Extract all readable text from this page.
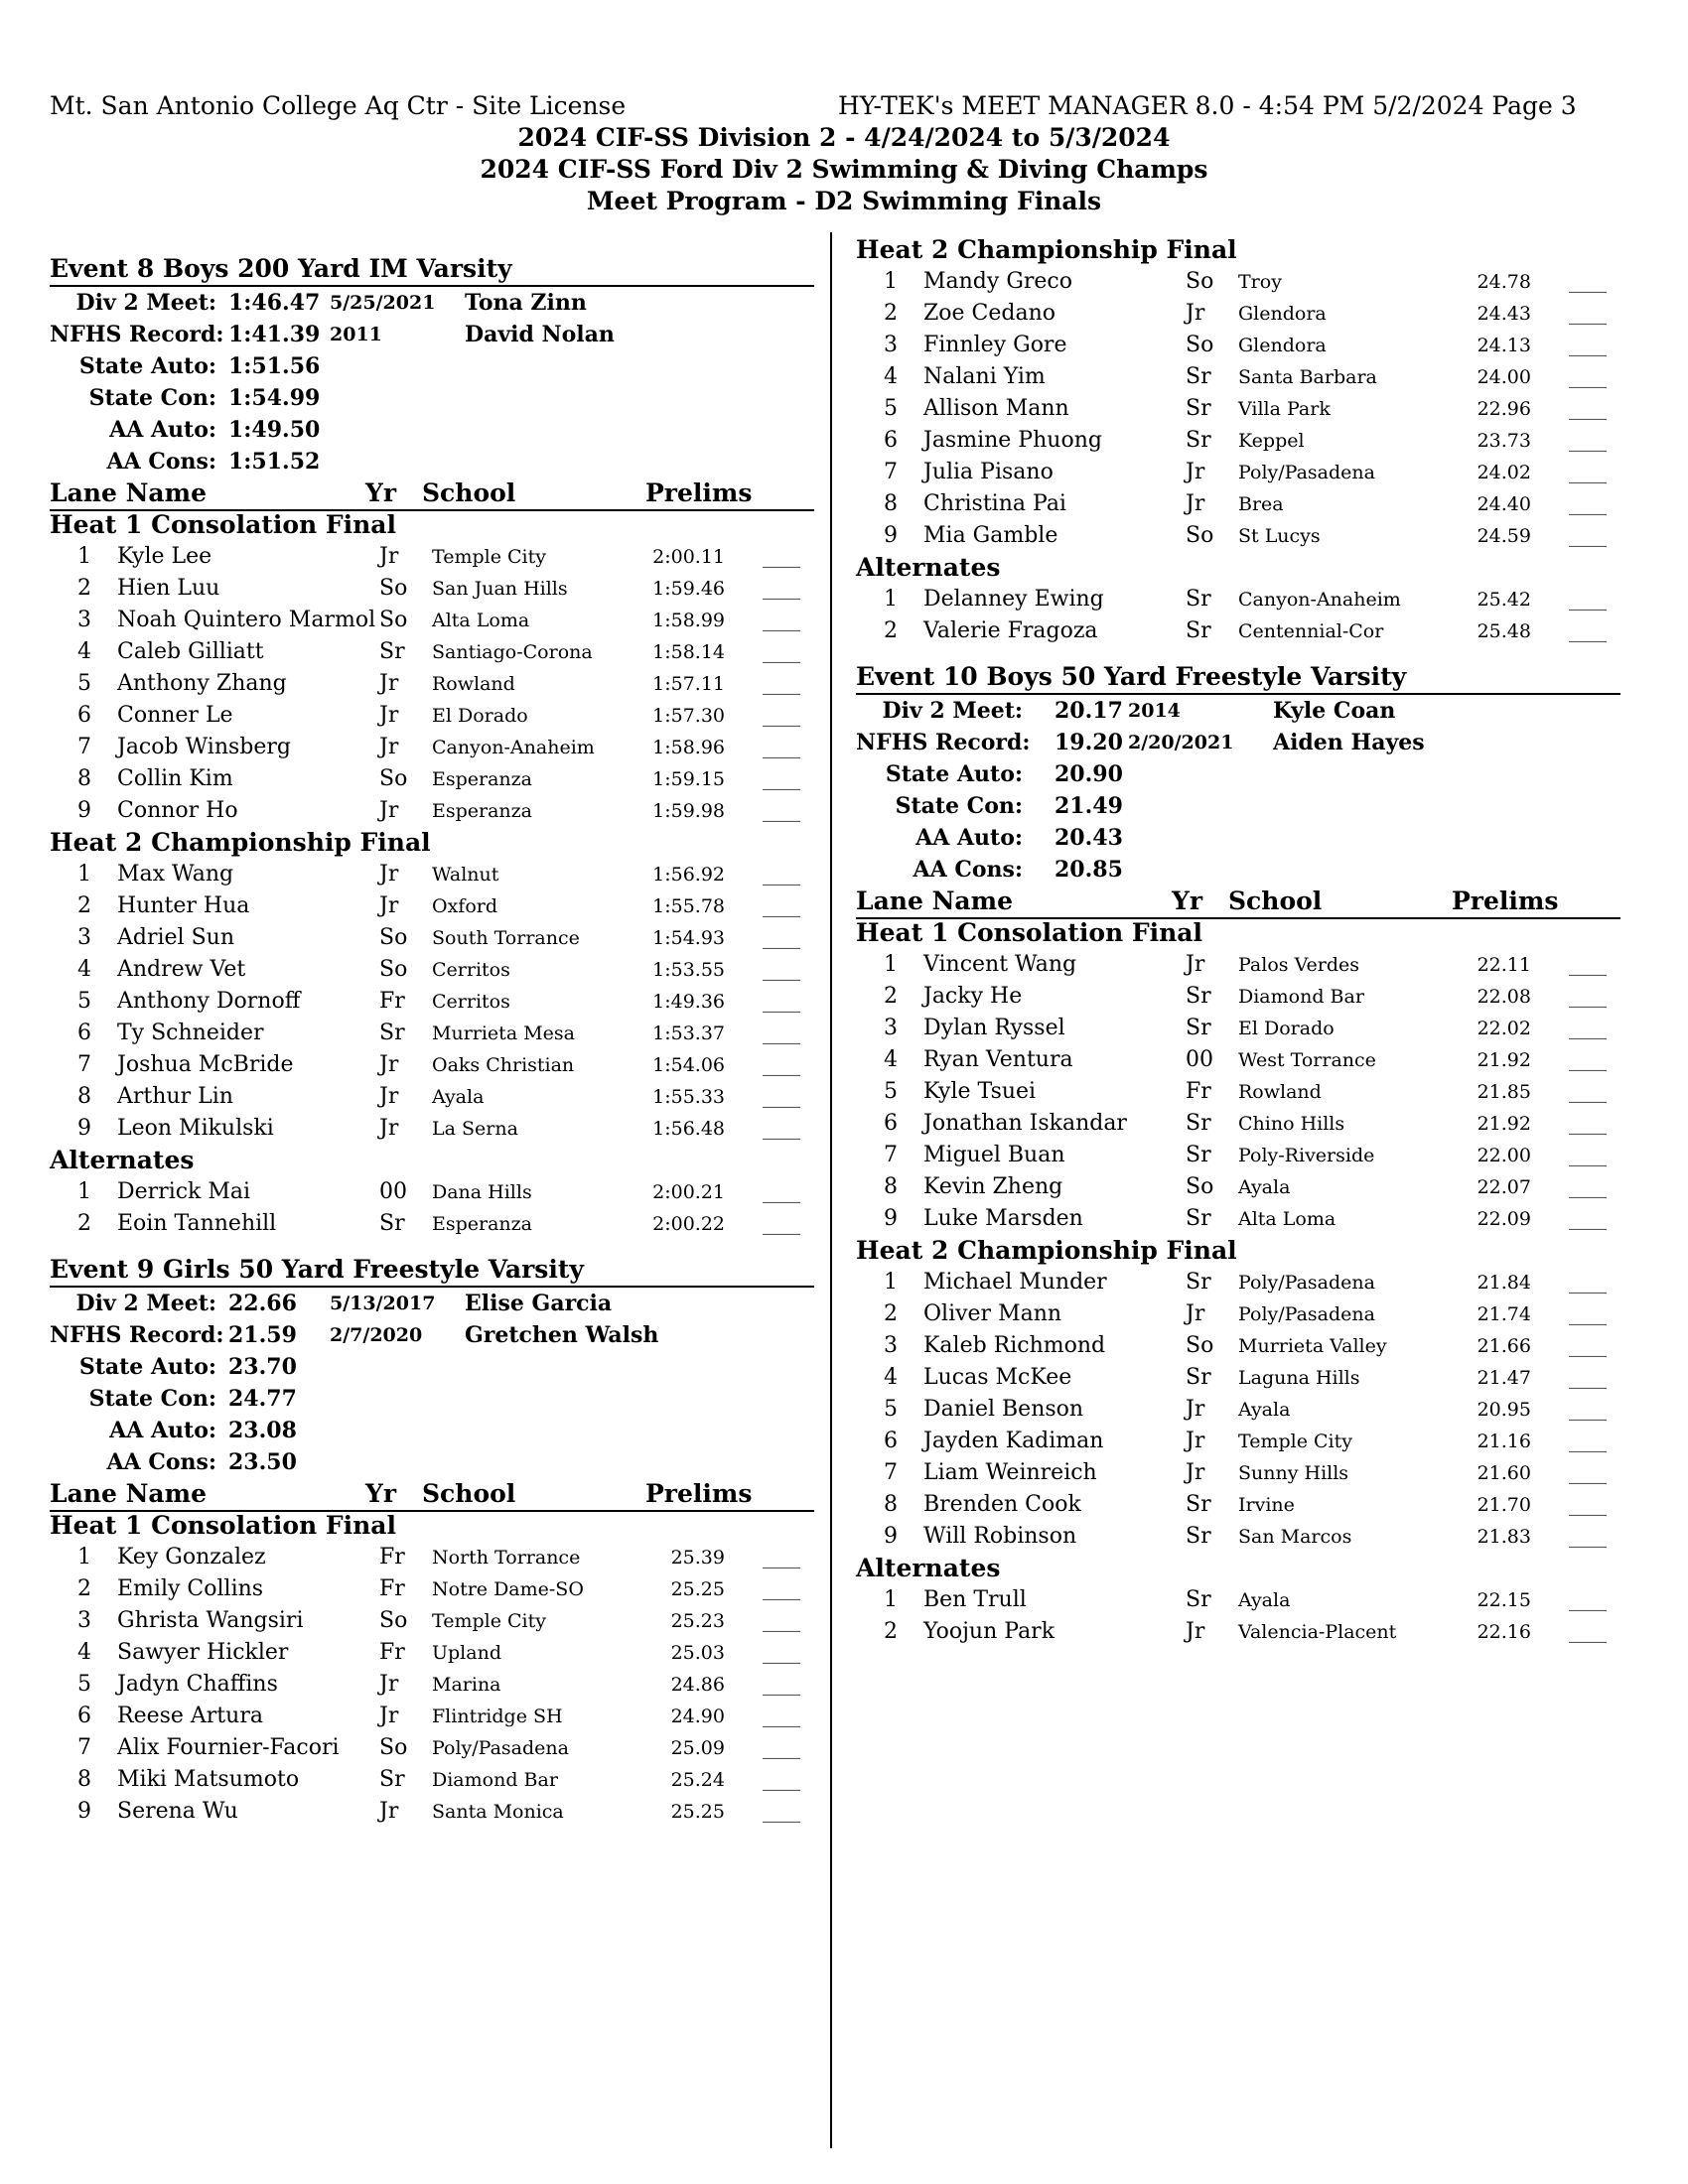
Mt. San Antonio College Aq Ctr - Site License	HY-TEK's MEET MANAGER 8.0 - 4:54 PM 5/2/2024 Page 3
2024 CIF-SS Division 2 - 4/24/2024 to 5/3/2024
2024 CIF-SS Ford Div 2 Swimming & Diving Champs
Meet Program - D2 Swimming Finals
Event 8 Boys 200 Yard IM Varsity
Div 2 Meet: 1:46.47 5/25/2021 Tona Zinn
NFHS Record: 1:41.39 2011	David Nolan
State Auto: 1:51.56
State Con: 1:54.99
AA Auto: 1:49.50
AA Cons: 1:51.52
Lane Name	Yr School	Prelims
Heat 1 Consolation Final
1 Kyle Lee	Jr Temple City	2:00.11 ____
2 Hien Luu	So San Juan Hills	1:59.46 ____
3 Noah Quintero Marmol So Alta Loma	1:58.99 ____
4 Caleb Gilliatt	Sr Santiago-Corona	1:58.14 ____
5 Anthony Zhang	Jr Rowland	1:57.11 ____
6 Conner Le	Jr El Dorado	1:57.30 ____
7 Jacob Winsberg	Jr Canyon-Anaheim	1:58.96 ____
8 Collin Kim	So Esperanza	1:59.15 ____
9 Connor Ho	Jr Esperanza	1:59.98 ____
Heat 2 Championship Final
1 Max Wang	Jr Walnut	1:56.92 ____
2 Hunter Hua	Jr Oxford	1:55.78 ____
3 Adriel Sun	So South Torrance	1:54.93 ____
4 Andrew Vet	So Cerritos	1:53.55 ____
5 Anthony Dornoff	Fr Cerritos	1:49.36 ____
6 Ty Schneider	Sr Murrieta Mesa	1:53.37 ____
7 Joshua McBride	Jr Oaks Christian	1:54.06 ____
8 Arthur Lin	Jr Ayala	1:55.33 ____
9 Leon Mikulski	Jr La Serna	1:56.48 ____
Alternates
1 Derrick Mai	00 Dana Hills	2:00.21 ____
2 Eoin Tannehill	Sr Esperanza	2:00.22 ____
Event 9 Girls 50 Yard Freestyle Varsity
Div 2 Meet: 22.66 5/13/2017 Elise Garcia
NFHS Record: 21.59 2/7/2020 Gretchen Walsh
State Auto: 23.70
State Con: 24.77
AA Auto: 23.08
AA Cons: 23.50
Lane Name	Yr School	Prelims
Heat 1 Consolation Final
1 Key Gonzalez	Fr North Torrance	25.39 ____
2 Emily Collins	Fr Notre Dame-SO	25.25 ____
3 Ghrista Wangsiri	So Temple City	25.23 ____
4 Sawyer Hickler	Fr Upland	25.03 ____
5 Jadyn Chaffins	Jr Marina	24.86 ____
6 Reese Artura	Jr Flintridge SH	24.90 ____
7 Alix Fournier-Facori So Poly/Pasadena	25.09 ____
8 Miki Matsumoto	Sr Diamond Bar	25.24 ____
9 Serena Wu	Jr Santa Monica	25.25 ____
Heat 2 Championship Final
1 Mandy Greco	So Troy	24.78 ____
2 Zoe Cedano	Jr Glendora	24.43 ____
3 Finnley Gore	So Glendora	24.13 ____
4 Nalani Yim	Sr Santa Barbara	24.00 ____
5 Allison Mann	Sr Villa Park	22.96 ____
6 Jasmine Phuong	Sr Keppel	23.73 ____
7 Julia Pisano	Jr Poly/Pasadena	24.02 ____
8 Christina Pai	Jr Brea	24.40 ____
9 Mia Gamble	So St Lucys	24.59 ____
Alternates
1 Delanney Ewing	Sr Canyon-Anaheim	25.42 ____
2 Valerie Fragoza	Sr Centennial-Cor	25.48 ____
Event 10 Boys 50 Yard Freestyle Varsity
Div 2 Meet: 20.17 2014	Kyle Coan
NFHS Record: 19.20 2/20/2021 Aiden Hayes
State Auto: 20.90
State Con: 21.49
AA Auto: 20.43
AA Cons: 20.85
Lane Name	Yr School	Prelims
Heat 1 Consolation Final
1 Vincent Wang	Jr Palos Verdes	22.11 ____
2 Jacky He	Sr Diamond Bar	22.08 ____
3 Dylan Ryssel	Sr El Dorado	22.02 ____
4 Ryan Ventura	00 West Torrance	21.92 ____
5 Kyle Tsuei	Fr Rowland	21.85 ____
6 Jonathan Iskandar	Sr Chino Hills	21.92 ____
7 Miguel Buan	Sr Poly-Riverside	22.00 ____
8 Kevin Zheng	So Ayala	22.07 ____
9 Luke Marsden	Sr Alta Loma	22.09 ____
Heat 2 Championship Final
1 Michael Munder	Sr Poly/Pasadena	21.84 ____
2 Oliver Mann	Jr Poly/Pasadena	21.74 ____
3 Kaleb Richmond	So Murrieta Valley	21.66 ____
4 Lucas McKee	Sr Laguna Hills	21.47 ____
5 Daniel Benson	Jr Ayala	20.95 ____
6 Jayden Kadiman	Jr Temple City	21.16 ____
7 Liam Weinreich	Jr Sunny Hills	21.60 ____
8 Brenden Cook	Sr Irvine	21.70 ____
9 Will Robinson	Sr San Marcos	21.83 ____
Alternates
1 Ben Trull	Sr Ayala	22.15 ____
2 Yoojun Park	Jr Valencia-Placent	22.16 ____
